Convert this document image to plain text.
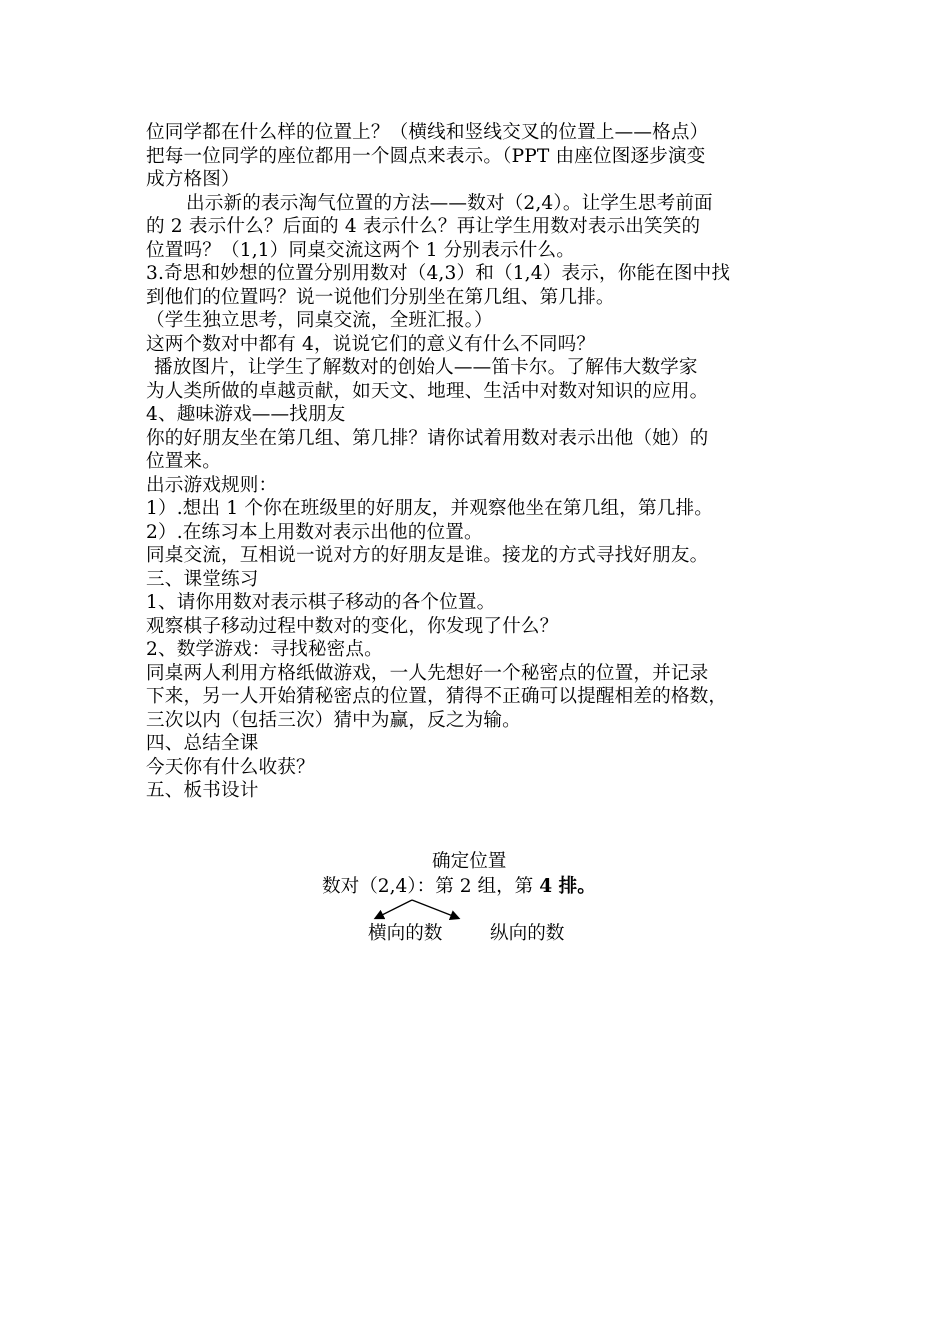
位同学都在什么样的位置上？（横线和竖线交叉的位置上——格点）
把每一位同学的座位都用一个圆点来表示。（PPT 由座位图逐步演变
成方格图）
出示新的表示淘气位置的方法——数对（2,4）。让学生思考前面
的 2 表示什么？后面的 4 表示什么？再让学生用数对表示出笑笑的
位置吗？（1,1）同桌交流这两个 1 分别表示什么。
3.奇思和妙想的位置分别用数对（4,3）和（1,4）表示，你能在图中找
到他们的位置吗？说一说他们分别坐在第几组、第几排。
（学生独立思考，同桌交流，全班汇报。）
这两个数对中都有 4，说说它们的意义有什么不同吗？
播放图片，让学生了解数对的创始人——笛卡尔。了解伟大数学家
为人类所做的卓越贡献，如天文、地理、生活中对数对知识的应用。
4、趣味游戏——找朋友
你的好朋友坐在第几组、第几排？请你试着用数对表示出他（她）的
位置来。
出示游戏规则：
1）.想出 1 个你在班级里的好朋友，并观察他坐在第几组，第几排。
2）.在练习本上用数对表示出他的位置。
同桌交流，互相说一说对方的好朋友是谁。接龙的方式寻找好朋友。
三、课堂练习
1、请你用数对表示棋子移动的各个位置。
观察棋子移动过程中数对的变化，你发现了什么？
2、数学游戏：寻找秘密点。
同桌两人利用方格纸做游戏，一人先想好一个秘密点的位置，并记录
下来，另一人开始猜秘密点的位置，猜得不正确可以提醒相差的格数，
三次以内（包括三次）猜中为赢，反之为输。
四、总结全课
今天你有什么收获？
五、板书设计
确定位置
数对（2,4）：第 2 组，第 4 排。
横向的数	纵向的数
